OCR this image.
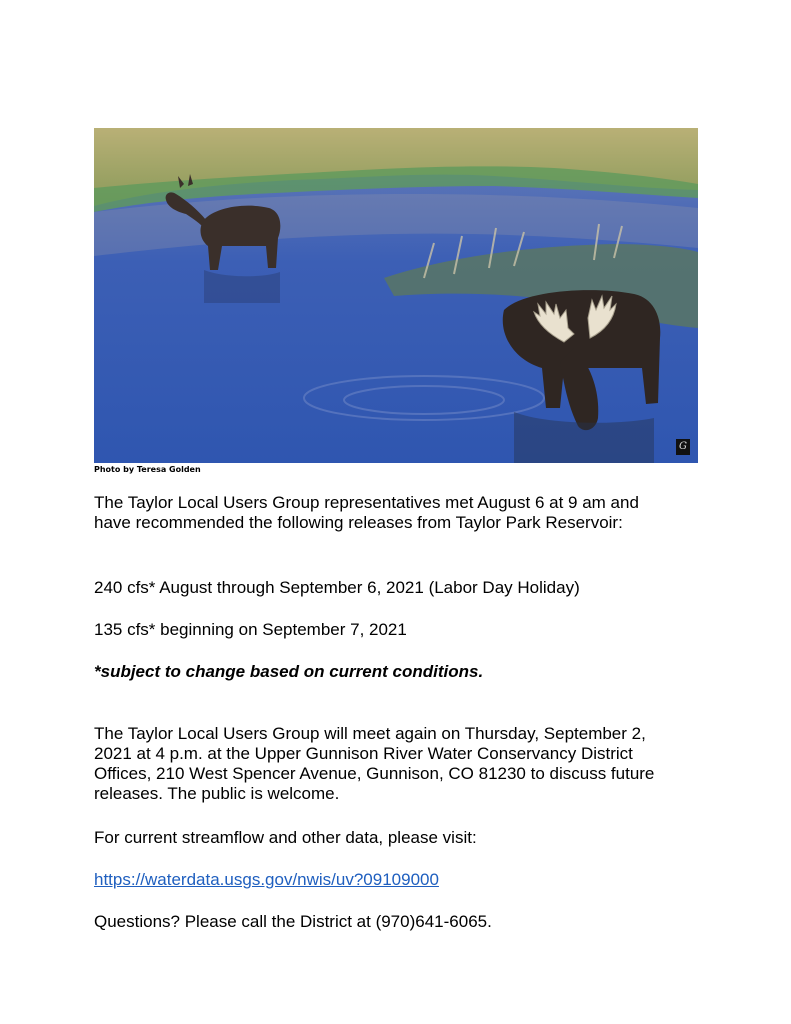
G
Photo by Teresa Golden

The Taylor Local Users Group representatives met August 6 at 9 am and
have recommended the following releases from Taylor Park Reservoir:

240 cfs* August through September 6, 2021 (Labor Day Holiday)

135 cfs* beginning on September 7, 2021

*subject to change based on current conditions.

The Taylor Local Users Group will meet again on Thursday, September 2,
2021 at 4 p.m. at the Upper Gunnison River Water Conservancy District
Offices, 210 West Spencer Avenue, Gunnison, CO 81230 to discuss future
releases. The public is welcome.

For current streamflow and other data, please visit:

https://waterdata.usgs.gov/nwis/uv?09109000

Questions? Please call the District at (970)641-6065.
